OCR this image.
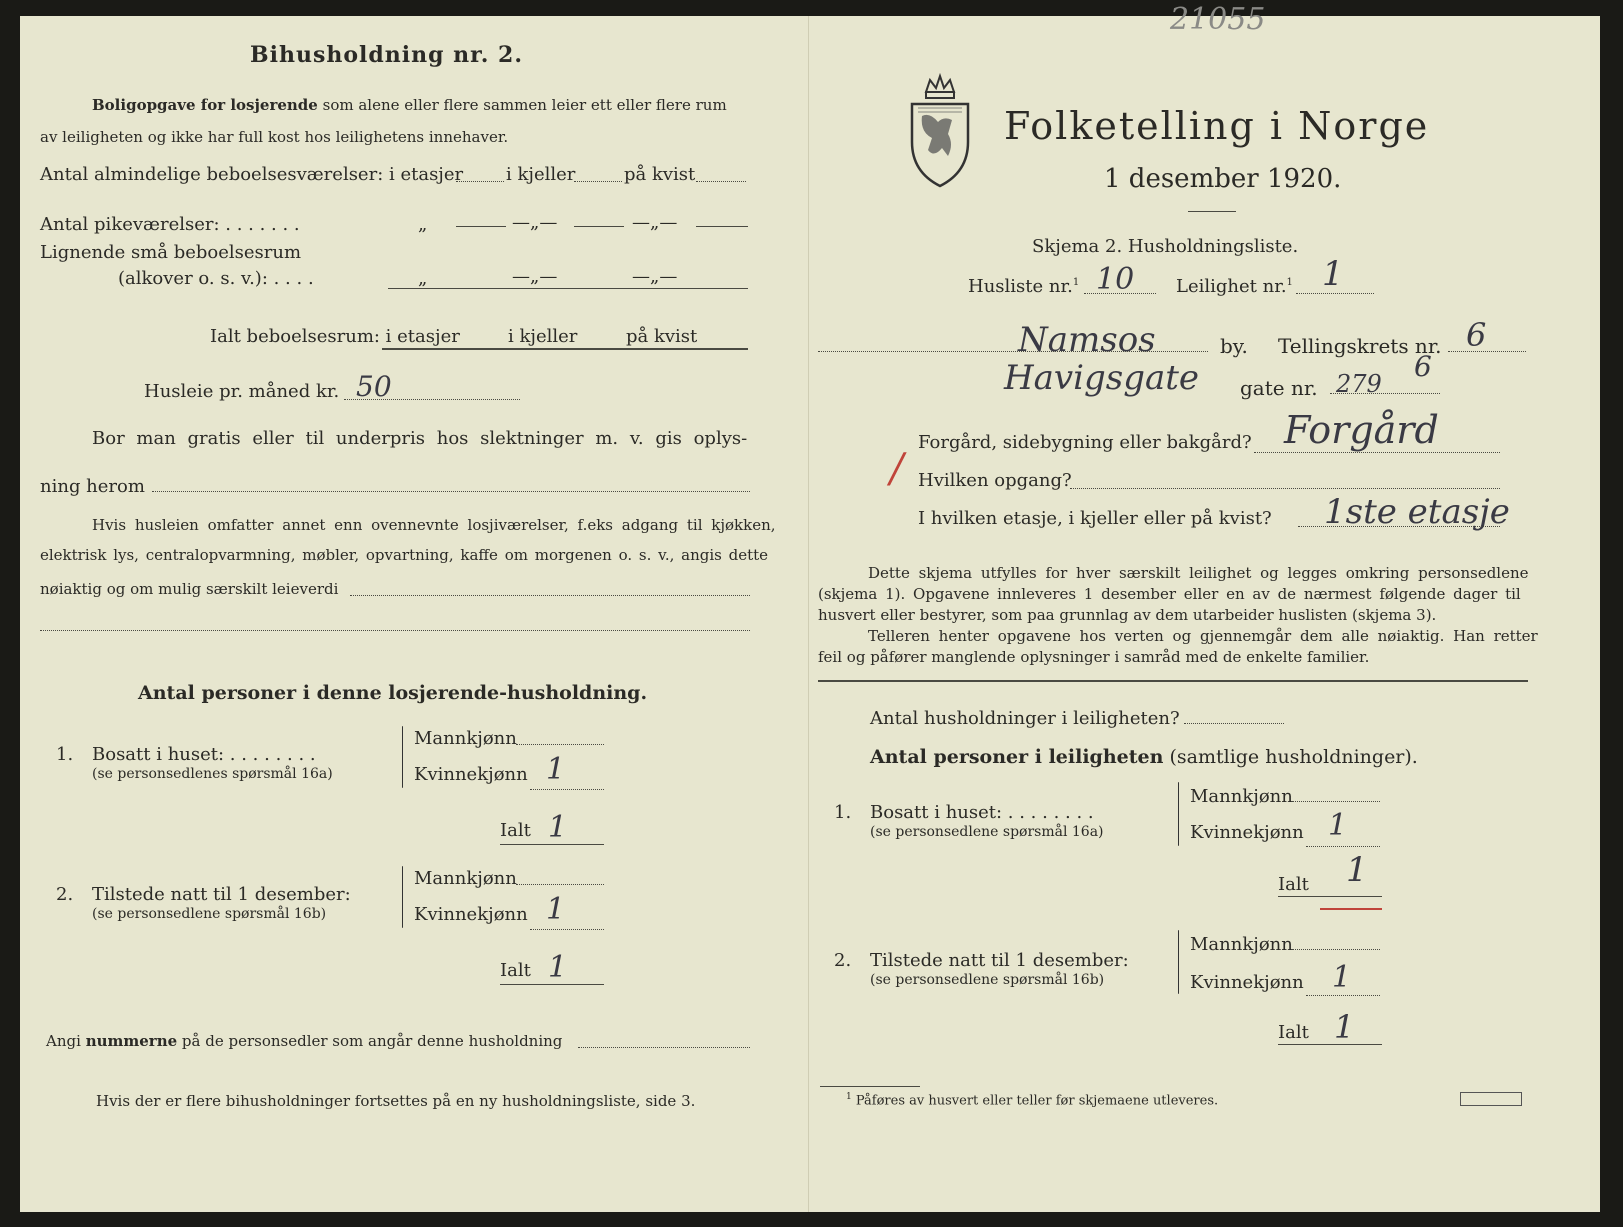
21055
Bihusholdning nr. 2.
Boligopgave for losjerende som alene eller flere sammen leier ett eller flere rum
av leiligheten og ikke har full kost hos leilighetens innehaver.
Antal almindelige beboelsesværelser: i etasjer i kjeller	på kvist
Antal pikeværelser: . . . . . . .	„	—„—	—„—
Lignende små beboelsesrum
(alkover o. s. v.): . . . .	„	—„—	—„—
Ialt beboelsesrum: i etasjer	i kjeller	på kvist
Husleie pr. måned kr. 50
Bor man gratis eller til underpris hos slektninger m. v. gis oplys-
ning herom
Hvis husleien omfatter annet enn ovennevnte losjiværelser, f.eks adgang til kjøkken,
elektrisk lys, centralopvarmning, møbler, opvartning, kaffe om morgenen o. s. v., angis dette
nøiaktig og om mulig særskilt leieverdi
Antal personer i denne losjerende-husholdning.
1. Bosatt i huset: . . . . . . . .
(se personsedlenes spørsmål 16a)
Mannkjønn
Kvinnekjønn 1
Ialt 1
2. Tilstede natt til 1 desember:
(se personsedlene spørsmål 16b)
Mannkjønn
Kvinnekjønn 1
Ialt 1
Angi nummerne på de personsedler som angår denne husholdning
Hvis der er flere bihusholdninger fortsettes på en ny husholdningsliste, side 3.
Folketelling i Norge
1 desember 1920.
Skjema 2. Husholdningsliste.
Husliste nr.$^1$ 10 Leilighet nr.$^1$ 1
Namsos	by. Tellingskrets nr. 6
Havigsgate gate nr. 279
6
/
Forgård, sidebygning eller bakgård? Forgård
Hvilken opgang?
I hvilken etasje, i kjeller eller på kvist? 1ste etasje
Dette skjema utfylles for hver særskilt leilighet og legges omkring personsedlene
(skjema 1). Opgavene innleveres 1 desember eller en av de nærmest følgende dager til
husvert eller bestyrer, som paa grunnlag av dem utarbeider huslisten (skjema 3).
Telleren henter opgavene hos verten og gjennemgår dem alle nøiaktig. Han retter
feil og påfører manglende oplysninger i samråd med de enkelte familier.
Antal husholdninger i leiligheten?
Antal personer i leiligheten (samtlige husholdninger).
1. Bosatt i huset: . . . . . . . .
(se personsedlene spørsmål 16a)
Mannkjønn
Kvinnekjønn 1
Ialt 1
2. Tilstede natt til 1 desember:
(se personsedlene spørsmål 16b)
Mannkjønn
Kvinnekjønn 1
Ialt 1
$^1$ Påføres av husvert eller teller før skjemaene utleveres.
